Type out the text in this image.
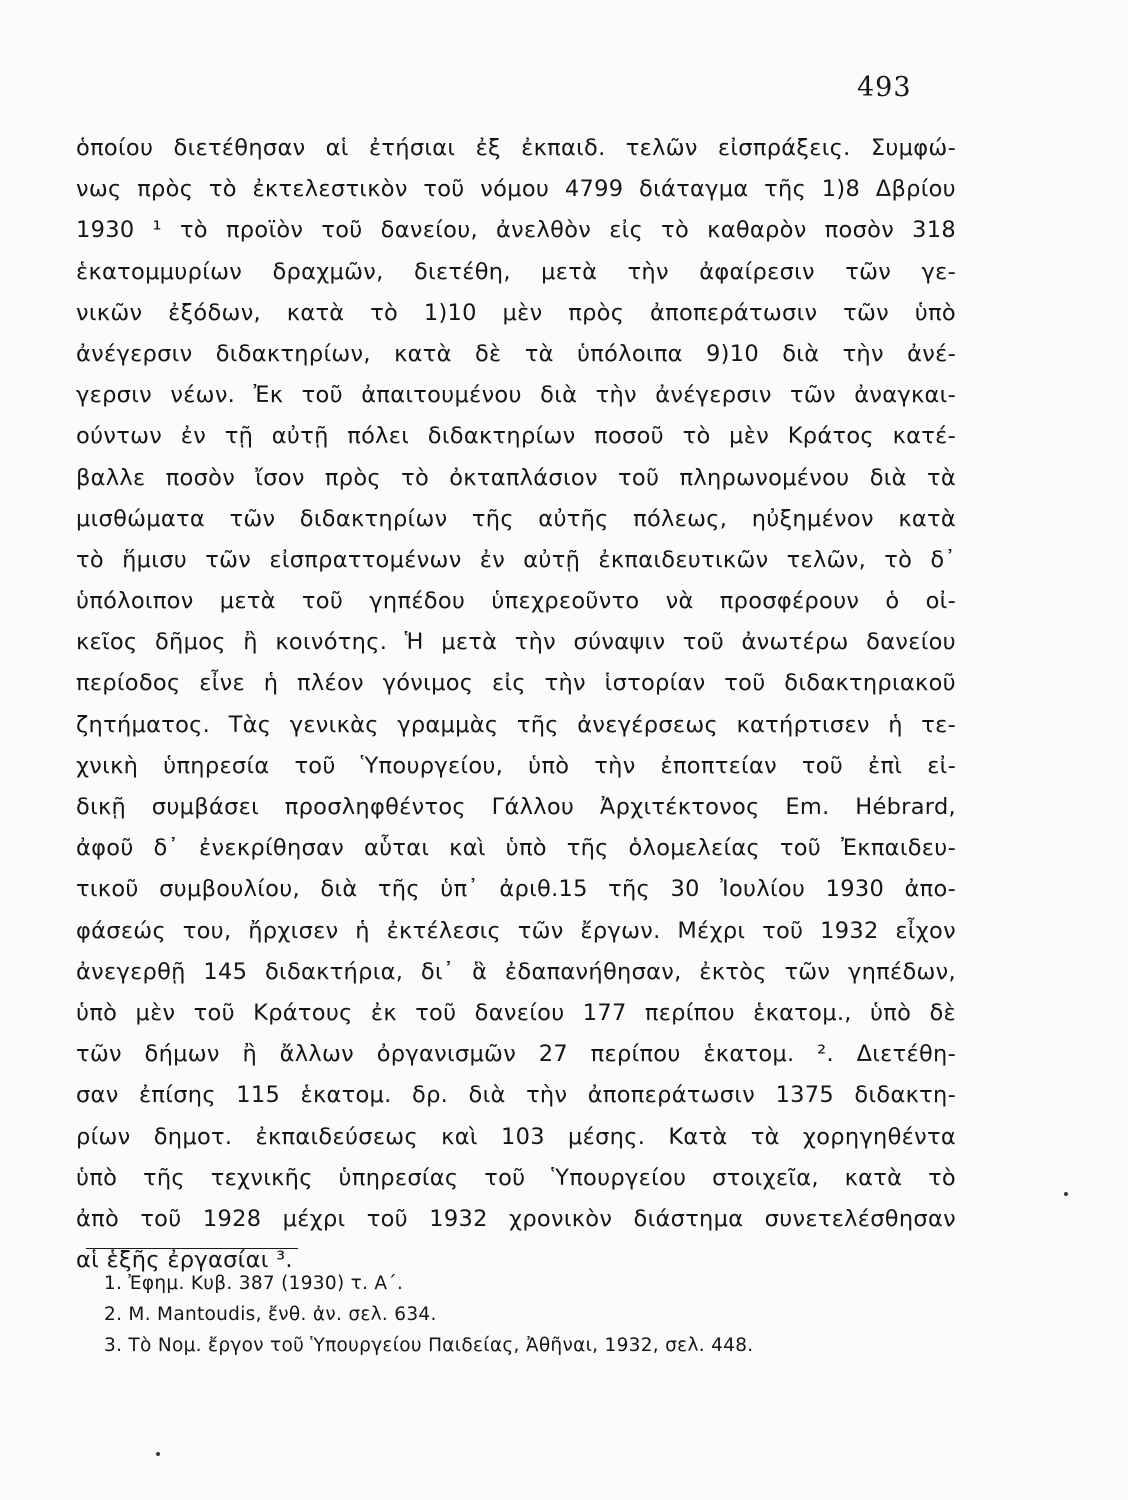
493
ὁποίου διετέθησαν αἱ ἐτήσιαι ἐξ ἐκπαιδ. τελῶν εἰσπράξεις. Συμφώ-
νως πρὸς τὸ ἐκτελεστικὸν τοῦ νόμου 4799 διάταγμα τῆς 1)8 Δβρίου
1930 ¹ τὸ προϊὸν τοῦ δανείου, ἀνελθὸν εἰς τὸ καθαρὸν ποσὸν 318
ἑκατομμυρίων δραχμῶν, διετέθη, μετὰ τὴν ἀφαίρεσιν τῶν γε-
νικῶν ἐξόδων, κατὰ τὸ 1)10 μὲν πρὸς ἀποπεράτωσιν τῶν ὑπὸ
ἀνέγερσιν διδακτηρίων, κατὰ δὲ τὰ ὑπόλοιπα 9)10 διὰ τὴν ἀνέ-
γερσιν νέων. Ἐκ τοῦ ἀπαιτουμένου διὰ τὴν ἀνέγερσιν τῶν ἀναγκαι-
ούντων ἐν τῇ αὐτῇ πόλει διδακτηρίων ποσοῦ τὸ μὲν Κράτος κατέ-
βαλλε ποσὸν ἴσον πρὸς τὸ ὀκταπλάσιον τοῦ πληρωνομένου διὰ τὰ
μισθώματα τῶν διδακτηρίων τῆς αὐτῆς πόλεως, ηὐξημένον κατὰ
τὸ ἥμισυ τῶν εἰσπραττομένων ἐν αὐτῇ ἐκπαιδευτικῶν τελῶν, τὸ δ᾿
ὑπόλοιπον μετὰ τοῦ γηπέδου ὑπεχρεοῦντο νὰ προσφέρουν ὁ οἰ-
κεῖος δῆμος ἢ κοινότης. Ἡ μετὰ τὴν σύναψιν τοῦ ἀνωτέρω δανείου
περίοδος εἶνε ἡ πλέον γόνιμος εἰς τὴν ἱστορίαν τοῦ διδακτηριακοῦ
ζητήματος. Τὰς γενικὰς γραμμὰς τῆς ἀνεγέρσεως κατήρτισεν ἡ τε-
χνικὴ ὑπηρεσία τοῦ Ὑπουργείου, ὑπὸ τὴν ἐποπτείαν τοῦ ἐπὶ εἰ-
δικῇ συμβάσει προσληφθέντος Γάλλου Ἀρχιτέκτονος Em. Hébrard,
ἀφοῦ δ᾿ ἐνεκρίθησαν αὗται καὶ ὑπὸ τῆς ὁλομελείας τοῦ Ἐκπαιδευ-
τικοῦ συμβουλίου, διὰ τῆς ὑπ᾿ ἀριθ.15 τῆς 30 Ἰουλίου 1930 ἀπο-
φάσεώς του, ἤρχισεν ἡ ἐκτέλεσις τῶν ἔργων. Μέχρι τοῦ 1932 εἶχον
ἀνεγερθῇ 145 διδακτήρια, δι᾿ ἃ ἐδαπανήθησαν, ἐκτὸς τῶν γηπέδων,
ὑπὸ μὲν τοῦ Κράτους ἐκ τοῦ δανείου 177 περίπου ἑκατομ., ὑπὸ δὲ
τῶν δήμων ἢ ἄλλων ὀργανισμῶν 27 περίπου ἑκατομ. ². Διετέθη-
σαν ἐπίσης 115 ἑκατομ. δρ. διὰ τὴν ἀποπεράτωσιν 1375 διδακτη-
ρίων δημοτ. ἐκπαιδεύσεως καὶ 103 μέσης. Κατὰ τὰ χορηγηθέντα
ὑπὸ τῆς τεχνικῆς ὑπηρεσίας τοῦ Ὑπουργείου στοιχεῖα, κατὰ τὸ
ἀπὸ τοῦ 1928 μέχρι τοῦ 1932 χρονικὸν διάστημα συνετελέσθησαν
αἱ ἑξῆς ἐργασίαι ³.
1. Ἐφημ. Κυβ. 387 (1930) τ. Α΄.
2. M. Mantoudis, ἔνθ. ἀν. σελ. 634.
3. Τὸ Νομ. ἔργον τοῦ Ὑπουργείου Παιδείας, Ἀθῆναι, 1932, σελ. 448.
